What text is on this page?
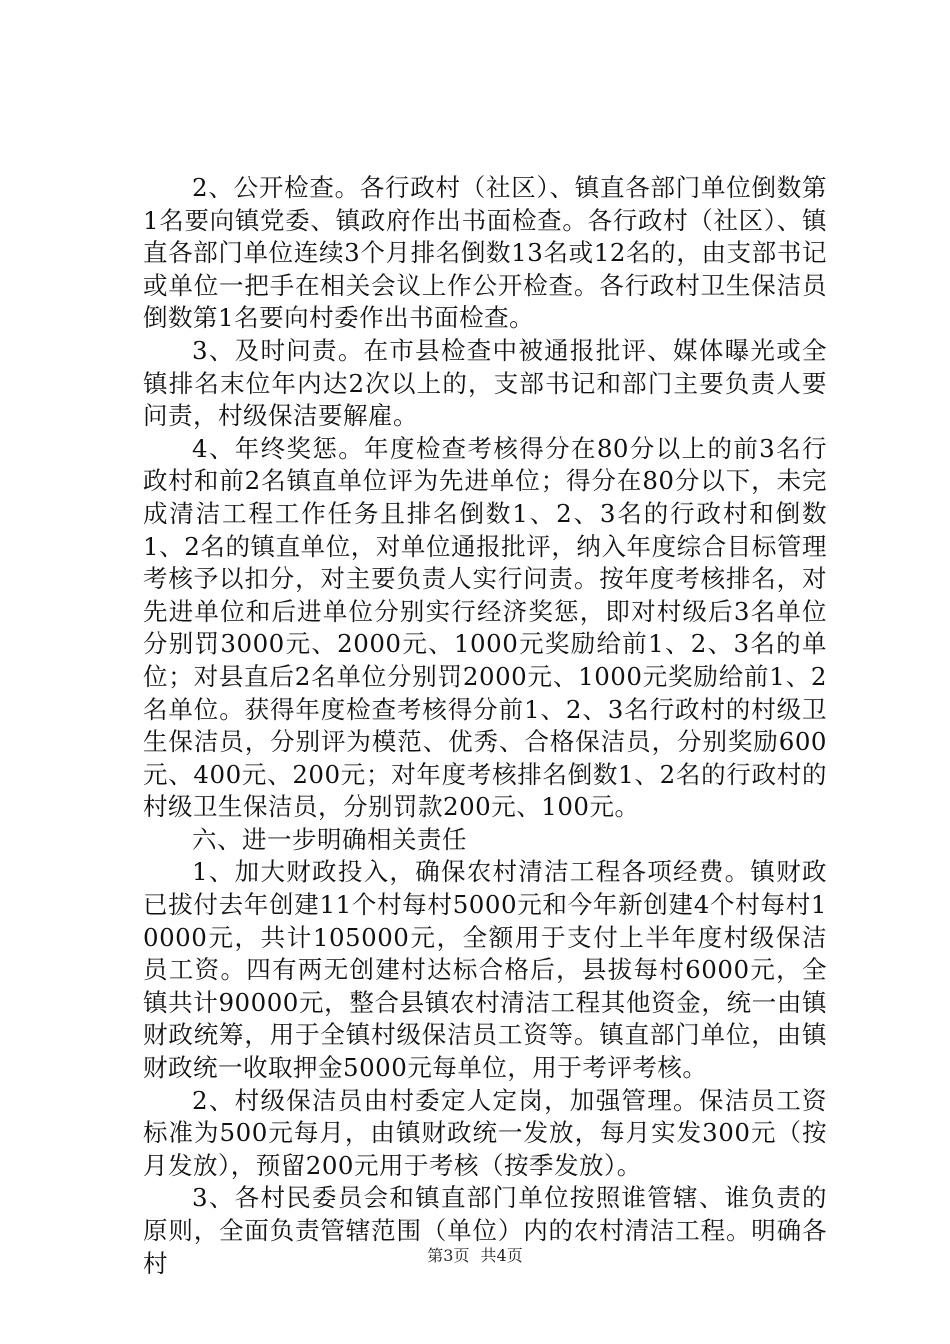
2、公开检查。各行政村（社区）、镇直各部门单位倒数第1名要向镇党委、镇政府作出书面检查。各行政村（社区）、镇直各部门单位连续3个月排名倒数13名或12名的，由支部书记或单位一把手在相关会议上作公开检查。各行政村卫生保洁员倒数第1名要向村委作出书面检查。

3、及时问责。在市县检查中被通报批评、媒体曝光或全镇排名末位年内达2次以上的，支部书记和部门主要负责人要问责，村级保洁要解雇。

4、年终奖惩。年度检查考核得分在80分以上的前3名行政村和前2名镇直单位评为先进单位；得分在80分以下，未完成清洁工程工作任务且排名倒数1、2、3名的行政村和倒数1、2名的镇直单位，对单位通报批评，纳入年度综合目标管理考核予以扣分，对主要负责人实行问责。按年度考核排名，对先进单位和后进单位分别实行经济奖惩，即对村级后3名单位分别罚3000元、2000元、1000元奖励给前1、2、3名的单位；对县直后2名单位分别罚2000元、1000元奖励给前1、2名单位。获得年度检查考核得分前1、2、3名行政村的村级卫生保洁员，分别评为模范、优秀、合格保洁员，分别奖励600元、400元、200元；对年度考核排名倒数1、2名的行政村的村级卫生保洁员，分别罚款200元、100元。

六、进一步明确相关责任

1、加大财政投入，确保农村清洁工程各项经费。镇财政已拔付去年创建11个村每村5000元和今年新创建4个村每村10000元，共计105000元，全额用于支付上半年度村级保洁员工资。四有两无创建村达标合格后，县拔每村6000元，全镇共计90000元，整合县镇农村清洁工程其他资金，统一由镇财政统筹，用于全镇村级保洁员工资等。镇直部门单位，由镇财政统一收取押金5000元每单位，用于考评考核。

2、村级保洁员由村委定人定岗，加强管理。保洁员工资标准为500元每月，由镇财政统一发放，每月实发300元（按月发放），预留200元用于考核（按季发放）。

3、各村民委员会和镇直部门单位按照谁管辖、谁负责的原则，全面负责管辖范围（单位）内的农村清洁工程。明确各村	第3页 共4页
